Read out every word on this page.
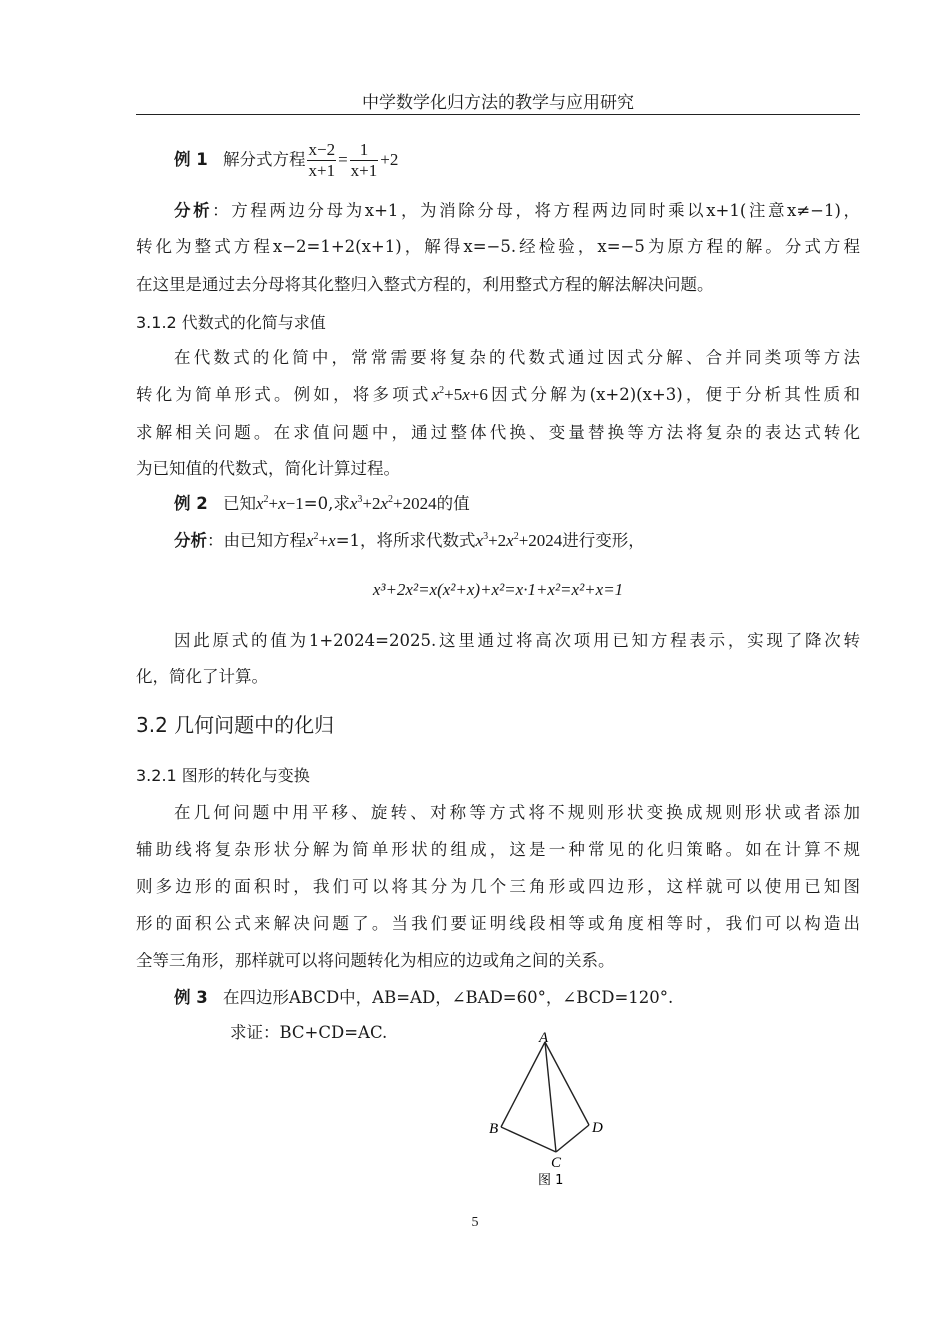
中学数学化归方法的教学与应用研究
例 1 解分式方程 $\frac{x-2}{x+1} = \frac{1}{x+1} +2$
分析：方程两边分母为x+1，为消除分母，将方程两边同时乘以x+1(注意x≠−1)，
转化为整式方程x−2=1+2(x+1)，解得x=−5.经检验，x=−5为原方程的解。分式方程
在这里是通过去分母将其化整归入整式方程的，利用整式方程的解法解决问题。
3.1.2 代数式的化简与求值
在代数式的化简中，常常需要将复杂的代数式通过因式分解、合并同类项等方法
转化为简单形式。例如，将多项式$x^2+5x+6$因式分解为(x+2)(x+3)，便于分析其性质和
求解相关问题。在求值问题中，通过整体代换、变量替换等方法将复杂的表达式转化
为已知值的代数式，简化计算过程。
例 2 已知$x^2+x-1=0$,求$x^3+2x^2+2024$的值
分析：由已知方程$x^2+x=1$，将所求代数式$x^3+2x^2+2024$进行变形，
x³+2x²=x(x²+x)+x²=x·1+x²=x²+x=1
因此原式的值为1+2024=2025.这里通过将高次项用已知方程表示，实现了降次转
化，简化了计算。
3.2 几何问题中的化归
3.2.1 图形的转化与变换
在几何问题中用平移、旋转、对称等方式将不规则形状变换成规则形状或者添加
辅助线将复杂形状分解为简单形状的组成，这是一种常见的化归策略。如在计算不规
则多边形的面积时，我们可以将其分为几个三角形或四边形，这样就可以使用已知图
形的面积公式来解决问题了。当我们要证明线段相等或角度相等时，我们可以构造出
全等三角形，那样就可以将问题转化为相应的边或角之间的关系。
例 3 在四边形ABCD中，AB=AD，∠BAD=60°，∠BCD=120°.
求证：BC+CD=AC.	A
B
C
D
图 1
5
